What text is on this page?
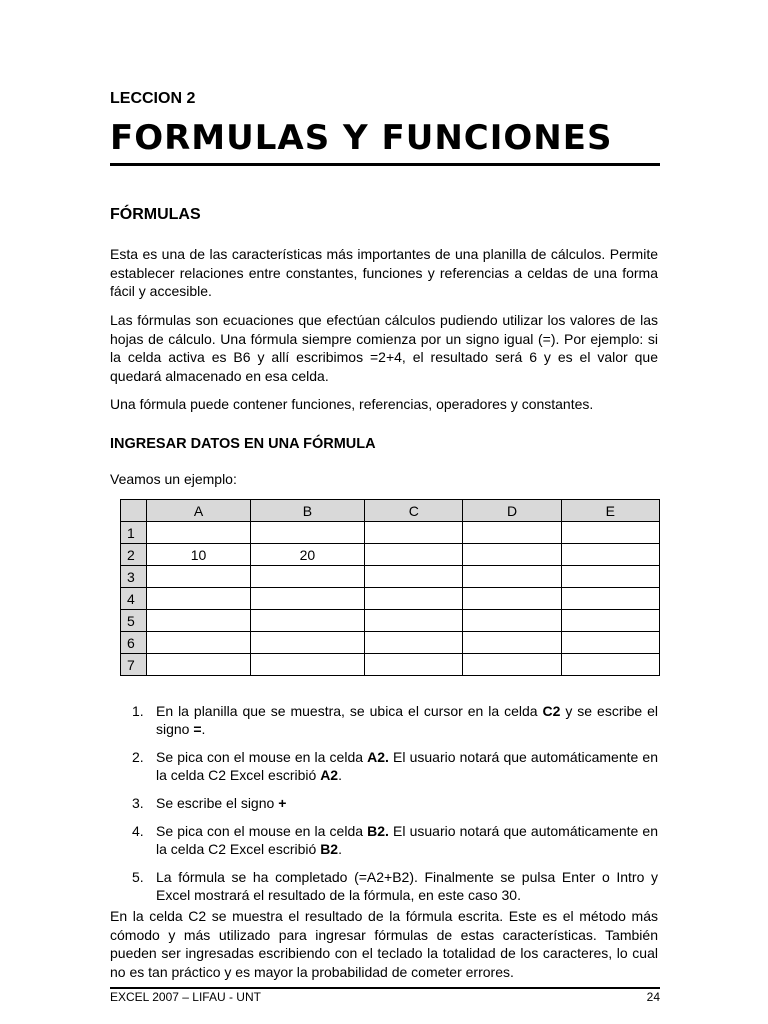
LECCION 2

FORMULAS Y FUNCIONES
FÓRMULAS

Esta es una de las características más importantes de una planilla de cálculos. Permite establecer relaciones entre constantes, funciones y referencias a celdas de una forma fácil y accesible.

Las fórmulas son ecuaciones que efectúan cálculos pudiendo utilizar los valores de las hojas de cálculo. Una fórmula siempre comienza por un signo igual (=). Por ejemplo: si la celda activa es B6 y allí escribimos =2+4, el resultado será 6 y es el valor que quedará almacenado en esa celda.

Una fórmula puede contener funciones, referencias, operadores y constantes.

INGRESAR DATOS EN UNA FÓRMULA

Veamos un ejemplo:

	A	B	C	D	E
1					
2	10	20			
3					
4					
5					
6					
7					
1. En la planilla que se muestra, se ubica el cursor en la celda C2 y se escribe el signo =.
2. Se pica con el mouse en la celda A2. El usuario notará que automáticamente en la celda C2 Excel escribió A2.
3. Se escribe el signo +
4. Se pica con el mouse en la celda B2. El usuario notará que automáticamente en la celda C2 Excel escribió B2.
5. La fórmula se ha completado (=A2+B2). Finalmente se pulsa Enter o Intro y Excel mostrará el resultado de la fórmula, en este caso 30.

En la celda C2 se muestra el resultado de la fórmula escrita. Este es el método más cómodo y más utilizado para ingresar fórmulas de estas características. También pueden ser ingresadas escribiendo con el teclado la totalidad de los caracteres, lo cual no es tan práctico y es mayor la probabilidad de cometer errores.

EXCEL 2007 – LIFAU - UNT	24
